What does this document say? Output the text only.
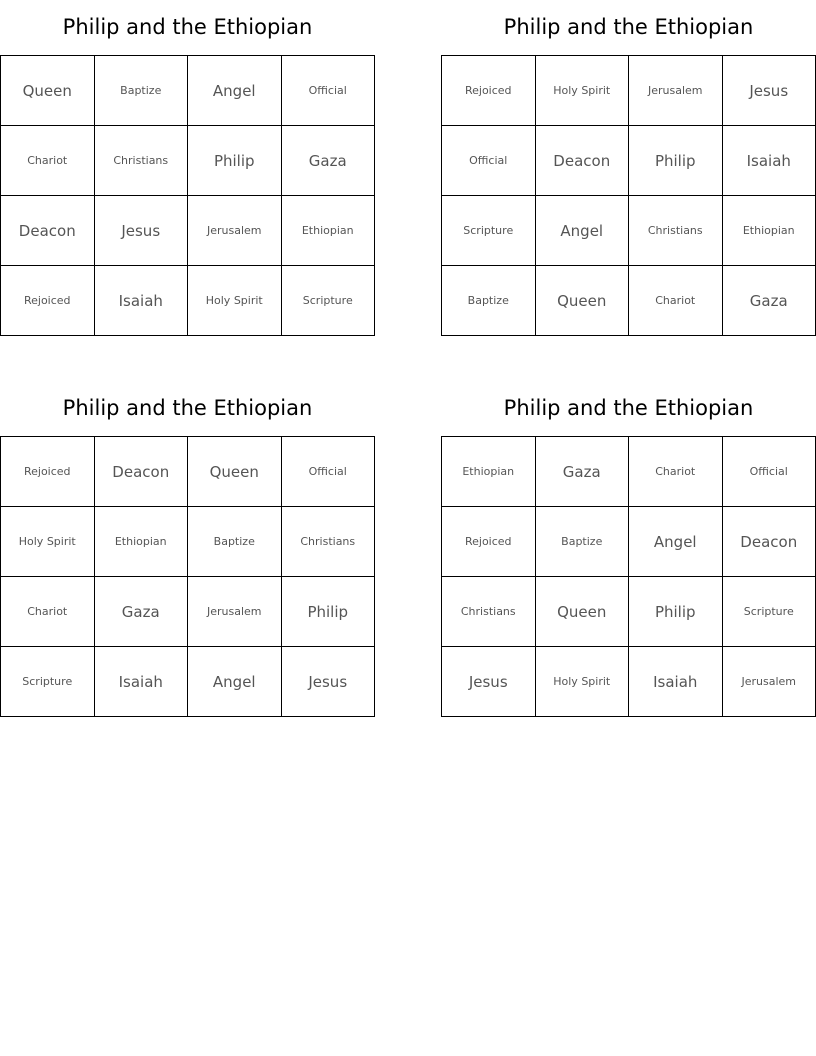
Philip and the Ethiopian
Queen	Baptize	Angel	Official
Chariot	Christians	Philip	Gaza
Deacon	Jesus	Jerusalem	Ethiopian
Rejoiced	Isaiah	Holy Spirit	Scripture
Philip and the Ethiopian
Rejoiced	Holy Spirit	Jerusalem	Jesus
Official	Deacon	Philip	Isaiah
Scripture	Angel	Christians	Ethiopian
Baptize	Queen	Chariot	Gaza
Philip and the Ethiopian
Rejoiced	Deacon	Queen	Official
Holy Spirit	Ethiopian	Baptize	Christians
Chariot	Gaza	Jerusalem	Philip
Scripture	Isaiah	Angel	Jesus
Philip and the Ethiopian
Ethiopian	Gaza	Chariot	Official
Rejoiced	Baptize	Angel	Deacon
Christians	Queen	Philip	Scripture
Jesus	Holy Spirit	Isaiah	Jerusalem
